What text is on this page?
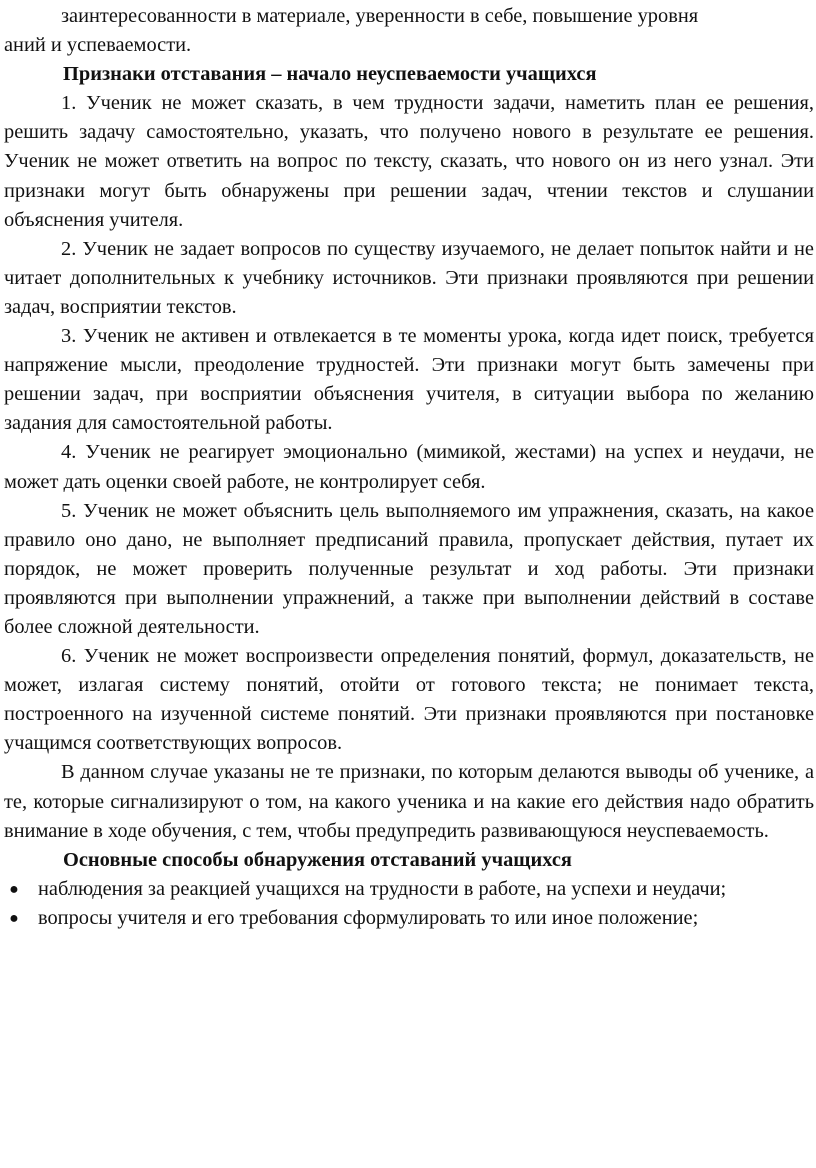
заинтересованности в материале, уверенности в себе, повышение уровня

аний и успеваемости.

Признаки отставания – начало неуспеваемости учащихся

1. Ученик не может сказать, в чем трудности задачи, наметить план ее решения, решить задачу самостоятельно, указать, что получено нового в результате ее решения. Ученик не может ответить на вопрос по тексту, сказать, что нового он из него узнал. Эти признаки могут быть обнаружены при решении задач, чтении текстов и слушании объяснения учителя.

2. Ученик не задает вопросов по существу изучаемого, не делает попыток найти и не читает дополнительных к учебнику источников. Эти признаки проявляются при решении задач, восприятии текстов.

3. Ученик не активен и отвлекается в те моменты урока, когда идет поиск, требуется напряжение мысли, преодоление трудностей. Эти признаки могут быть замечены при решении задач, при восприятии объяснения учителя, в ситуации выбора по желанию задания для самостоятельной работы.

4. Ученик не реагирует эмоционально (мимикой, жестами) на успех и неудачи, не может дать оценки своей работе, не контролирует себя.

5. Ученик не может объяснить цель выполняемого им упражнения, сказать, на какое правило оно дано, не выполняет предписаний правила, пропускает действия, путает их порядок, не может проверить полученные результат и ход работы. Эти признаки проявляются при выполнении упражнений, а также при выполнении действий в составе более сложной деятельности.

6. Ученик не может воспроизвести определения понятий, формул, доказательств, не может, излагая систему понятий, отойти от готового текста; не понимает текста, построенного на изученной системе понятий. Эти признаки проявляются при постановке учащимся соответствующих вопросов.

В данном случае указаны не те признаки, по которым делаются выводы об ученике, а те, которые сигнализируют о том, на какого ученика и на какие его действия надо обратить внимание в ходе обучения, с тем, чтобы предупредить развивающуюся неуспеваемость.

Основные способы обнаружения отставаний учащихся
● наблюдения за реакцией учащихся на трудности в работе, на успехи и неудачи;
● вопросы учителя и его требования сформулировать то или иное положение;
